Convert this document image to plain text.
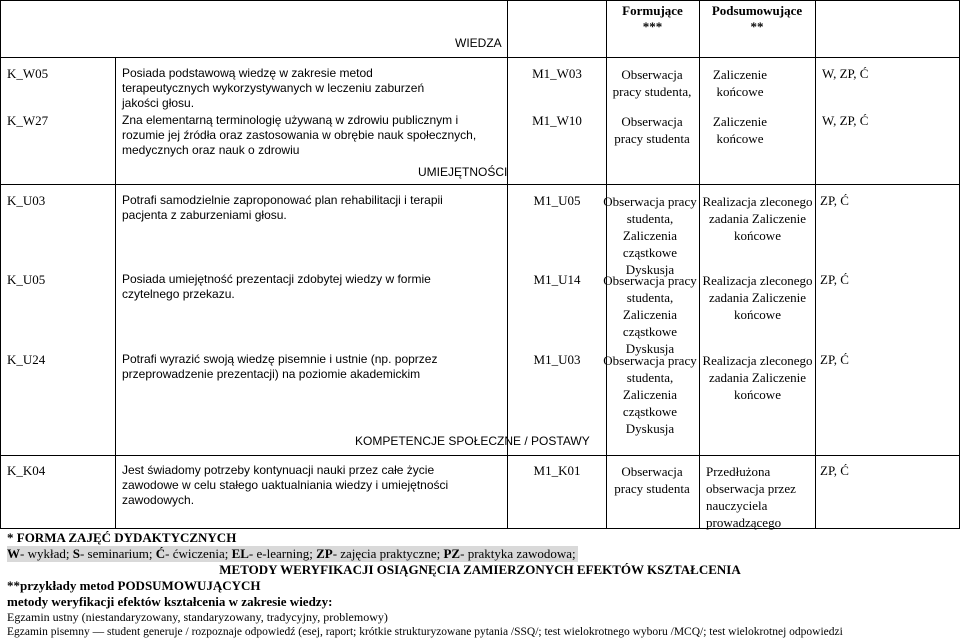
Formujące
***
Podsumowujące
**
WIEDZA
K_W05	Posiada podstawową wiedzę w zakresie metod terapeutycznych wykorzystywanych w leczeniu zaburzeń jakości głosu.
M1_W03	Obserwacja pracy studenta,
Zaliczenie końcowe
W, ZP, Ć
K_W27	Zna elementarną terminologię używaną w zdrowiu publicznym i rozumie jej źródła oraz zastosowania w obrębie nauk społecznych, medycznych oraz nauk o zdrowiu
M1_W10	Obserwacja pracy studenta
Zaliczenie końcowe
W, ZP, Ć
UMIEJĘTNOŚCI
K_U03	Potrafi samodzielnie zaproponować plan rehabilitacji i terapii pacjenta z zaburzeniami głosu.
M1_U05	Obserwacja pracy studenta, Zaliczenia cząstkowe Dyskusja
Realizacja zleconego zadania Zaliczenie końcowe
ZP, Ć
K_U05	Posiada umiejętność prezentacji zdobytej wiedzy w formie czytelnego przekazu.
M1_U14	Obserwacja pracy studenta, Zaliczenia cząstkowe Dyskusja
Realizacja zleconego zadania Zaliczenie końcowe
ZP, Ć
K_U24	Potrafi wyrazić swoją wiedzę pisemnie i ustnie (np. poprzez przeprowadzenie prezentacji) na poziomie akademickim
M1_U03	Obserwacja pracy studenta, Zaliczenia cząstkowe Dyskusja
Realizacja zleconego zadania Zaliczenie końcowe
ZP, Ć
KOMPETENCJE SPOŁECZNE / POSTAWY
K_K04	Jest świadomy potrzeby kontynuacji nauki przez całe życie zawodowe w celu stałego uaktualniania wiedzy i umiejętności zawodowych.
M1_K01	Obserwacja pracy studenta
Przedłużona obserwacja przez nauczyciela prowadzącego
ZP, Ć
* FORMA ZAJĘĆ DYDAKTYCZNYCH
W- wykład; S- seminarium; Ć- ćwiczenia; EL- e-learning; ZP- zajęcia praktyczne; PZ- praktyka zawodowa;
METODY WERYFIKACJI OSIĄGNĘCIA ZAMIERZONYCH EFEKTÓW KSZTAŁCENIA
**przykłady metod PODSUMOWUJĄCYCH
metody weryfikacji efektów kształcenia w zakresie wiedzy:
Egzamin ustny (niestandaryzowany, standaryzowany, tradycyjny, problemowy)
Egzamin pisemny — student generuje / rozpoznaje odpowiedź (esej, raport; krótkie strukturyzowane pytania /SSQ/; test wielokrotnego wyboru /MCQ/; test wielokrotnej odpowiedzi
